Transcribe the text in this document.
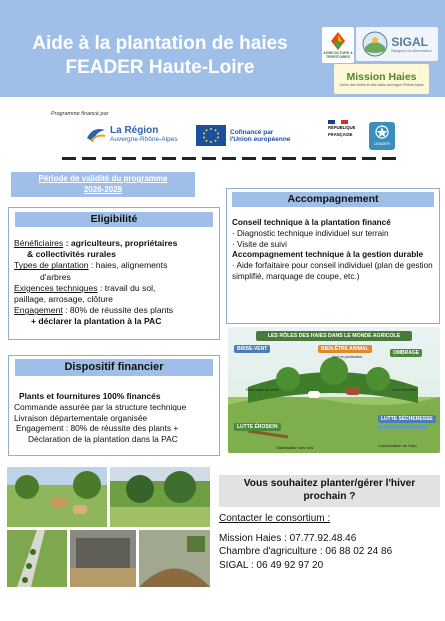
Aide à la plantation de haies
FEADER Haute-Loire
AGRICULTURE & TERRITOIRES
SIGAL
Mangeurs et alimentation
Mission Haies
Union des forêts et des haies Auvergne Rhône Alpes
Programme financé par
La Région
Auvergne-Rhône-Alpes
Cofinancé par
l'Union européenne
RÉPUBLIQUE
FRANÇAISE
LEADER
Période de validité du programme
2026-2028
Eligibilité
Bénéficiaires : agriculteurs, propriétaires
& collectivités rurales
Types de plantation : haies, alignements
d'arbres
Exigences techniques : travail du sol,
paillage, arrosage, clôture
Engagement : 80% de réussite des plants
+ déclarer la plantation à la PAC
Accompagnement
Conseil technique à la plantation financé
· Diagnostic technique individuel sur terrain
· Visite de suivi
Accompagnement technique à la gestion durable
· Aide forfaitaire pour conseil individuel (plan de gestion simplifié, marquage de coupe, etc.)
Dispositif financier
Plants et fournitures 100% financés
Commande assurée par la structure technique
Livraison départementale organisée
Engagement : 80% de réussite des plants +
Déclaration de la plantation dans la PAC
LES RÔLES DES HAIES DANS LE MONDE AGRICOLE
BRISE-VENT	BIEN-ÊTRE ANIMAL
OMBRAGE
LUTTE ÉROSION
LUTTE SÉCHERESSE
Réduction du vent
Abri et protection
Zone d'ombre
Stabilisation des sols	Conservation de l'eau
Vous souhaitez planter/gérer l'hiver
prochain ?
Contacter le consortium :
Mission Haies : 07.77.92.48.46
Chambre d'agriculture : 06 88 02 24 86
SIGAL : 06 49 92 97 20
